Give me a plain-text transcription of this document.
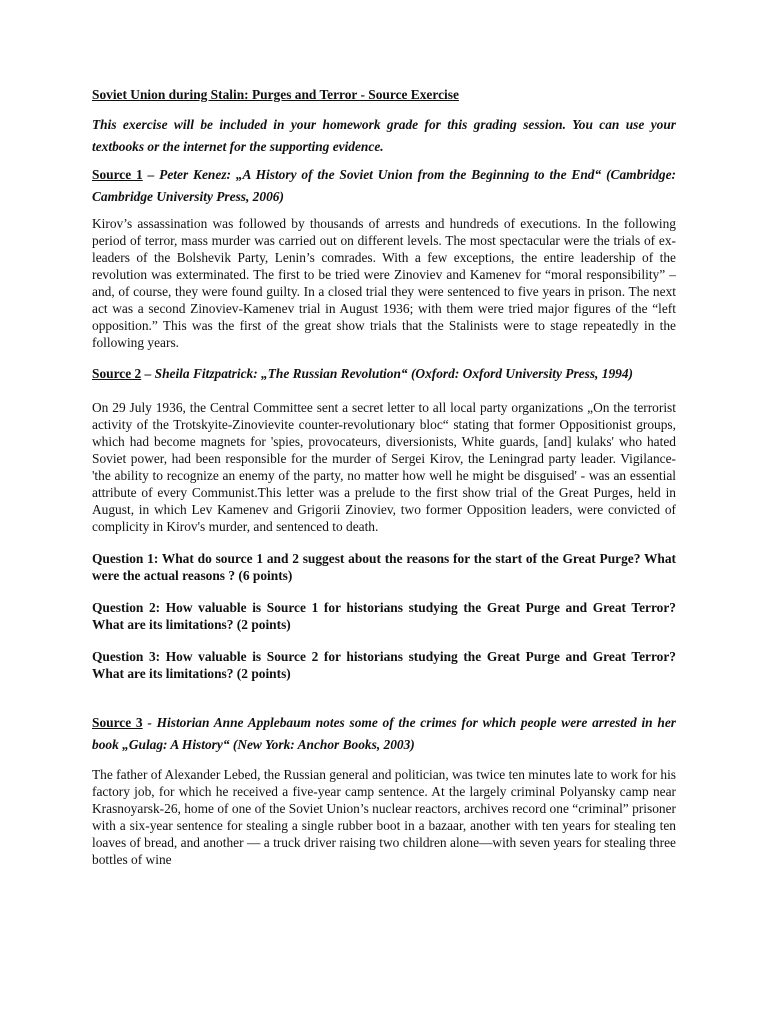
Soviet Union during Stalin: Purges and Terror - Source Exercise

This exercise will be included in your homework grade for this grading session. You can use your textbooks or the internet for the supporting evidence.

Source 1 – Peter Kenez: „A History of the Soviet Union from the Beginning to the End“ (Cambridge: Cambridge University Press, 2006)

Kirov’s assassination was followed by thousands of arrests and hundreds of executions. In the following period of terror, mass murder was carried out on different levels. The most spectacular were the trials of ex-leaders of the Bolshevik Party, Lenin’s comrades. With a few exceptions, the entire leadership of the revolution was exterminated. The first to be tried were Zinoviev and Kamenev for “moral responsibility” – and, of course, they were found guilty. In a closed trial they were sentenced to five years in prison. The next act was a second Zinoviev-Kamenev trial in August 1936; with them were tried major figures of the “left opposition.” This was the first of the great show trials that the Stalinists were to stage repeatedly in the following years.

Source 2 – Sheila Fitzpatrick: „The Russian Revolution“ (Oxford: Oxford University Press, 1994)

On 29 July 1936, the Central Committee sent a secret letter to all local party organizations „On the terrorist activity of the Trotskyite-Zinovievite counter-revolutionary bloc“ stating that former Oppositionist groups, which had become magnets for 'spies, provocateurs, diversionists, White guards, [and] kulaks' who hated Soviet power, had been responsible for the murder of Sergei Kirov, the Leningrad party leader. Vigilance- 'the ability to recognize an enemy of the party, no matter how well he might be disguised' - was an essential attribute of every Communist.This letter was a prelude to the first show trial of the Great Purges, held in August, in which Lev Kamenev and Grigorii Zinoviev, two former Opposition leaders, were convicted of complicity in Kirov's murder, and sentenced to death.

Question 1: What do source 1 and 2 suggest about the reasons for the start of the Great Purge? What were the actual reasons ? (6 points)

Question 2: How valuable is Source 1 for historians studying the Great Purge and Great Terror? What are its limitations? (2 points)

Question 3: How valuable is Source 2 for historians studying the Great Purge and Great Terror? What are its limitations? (2 points)

Source 3 - Historian Anne Applebaum notes some of the crimes for which people were arrested in her book „Gulag: A History“ (New York: Anchor Books, 2003)

The father of Alexander Lebed, the Russian general and politician, was twice ten minutes late to work for his factory job, for which he received a five-year camp sentence. At the largely criminal Polyansky camp near Krasnoyarsk-26, home of one of the Soviet Union’s nuclear reactors, archives record one “criminal” prisoner with a six-year sentence for stealing a single rubber boot in a bazaar, another with ten years for stealing ten loaves of bread, and another — a truck driver raising two children alone—with seven years for stealing three bottles of wine
